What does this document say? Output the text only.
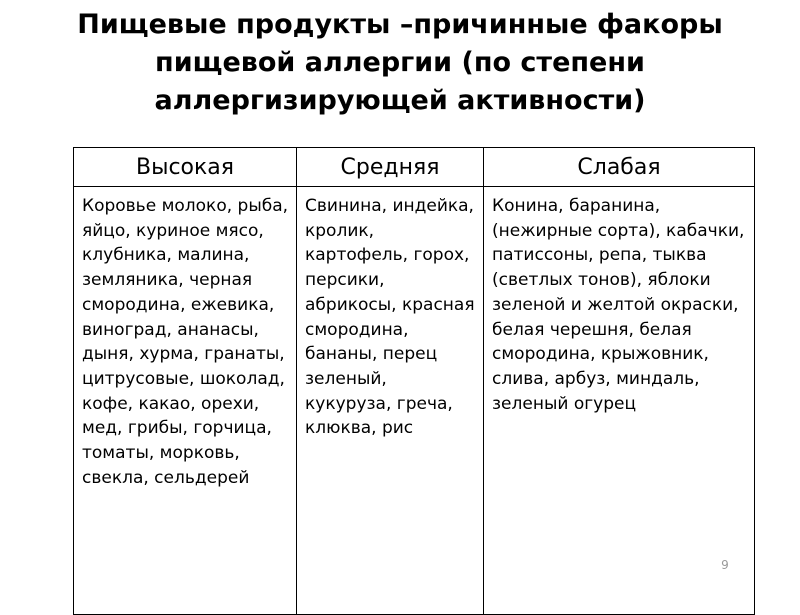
Пищевые продукты –причинные факоры пищевой аллергии (по степени аллергизирующей активности)
Высокая	Средняя	Слабая
Коровье молоко, рыба, яйцо, куриное мясо, клубника, малина, земляника, черная смородина, ежевика, виноград, ананасы, дыня, хурма, гранаты, цитрусовые, шоколад, кофе, какао, орехи, мед, грибы, горчица, томаты, морковь, свекла, сельдерей	Свинина, индейка, кролик, картофель, горох, персики, абрикосы, красная смородина, бананы, перец зеленый, кукуруза, греча, клюква, рис	Конина, баранина, (нежирные сорта), кабачки, патиссоны, репа, тыква (светлых тонов), яблоки зеленой и желтой окраски, белая черешня, белая смородина, крыжовник, слива, арбуз, миндаль, зеленый огурец
9
